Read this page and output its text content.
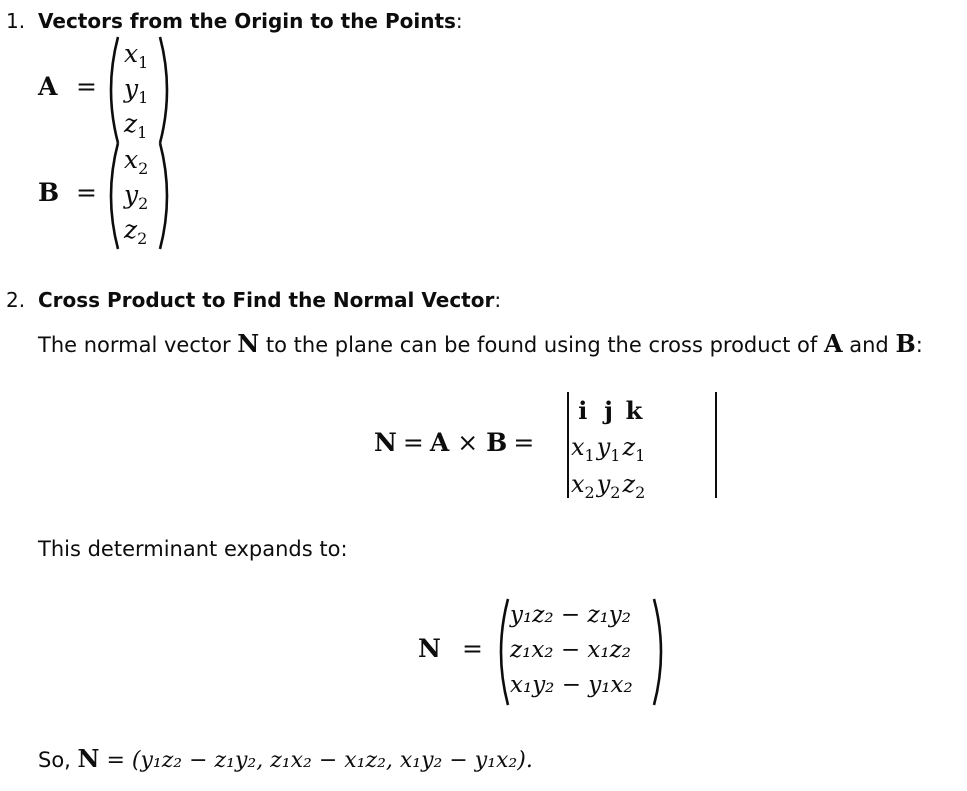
1. Vectors from the Origin to the Points:
A =
$x_1$
$y_1$
$z_1$
B =
$x_2$
$y_2$
$z_2$
2. Cross Product to Find the Normal Vector:
The normal vector N to the plane can be found using the cross product of A and B:
N = A × B =
i	j	k
$x_1$	$y_1$	$z_1$
$x_2$	$y_2$	$z_2$
This determinant expands to:
N =
y₁z₂ − z₁y₂
z₁x₂ − x₁z₂
x₁y₂ − y₁x₂
So, N = (y₁z₂ − z₁y₂, z₁x₂ − x₁z₂, x₁y₂ − y₁x₂).
